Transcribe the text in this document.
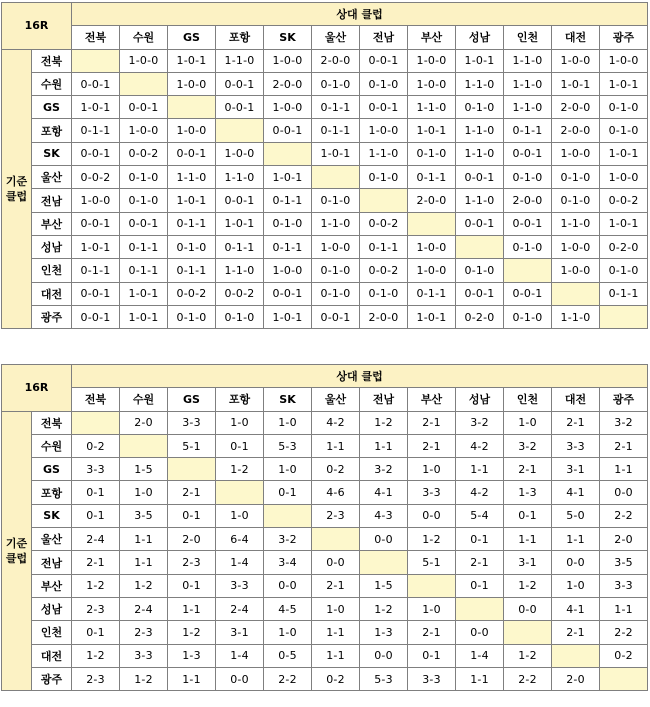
16R		상대 클럽											
		전북	수원	GS	포항	SK	울산	전남	부산	성남	인천	대전	광주
기준
클럽	전북		1-0-0	1-0-1	1-1-0	1-0-0	2-0-0	0-0-1	1-0-0	1-0-1	1-1-0	1-0-0	1-0-0
	수원	0-0-1		1-0-0	0-0-1	2-0-0	0-1-0	0-1-0	1-0-0	1-1-0	1-1-0	1-0-1	1-0-1
	GS	1-0-1	0-0-1		0-0-1	1-0-0	0-1-1	0-0-1	1-1-0	0-1-0	1-1-0	2-0-0	0-1-0
	포항	0-1-1	1-0-0	1-0-0		0-0-1	0-1-1	1-0-0	1-0-1	1-1-0	0-1-1	2-0-0	0-1-0
	SK	0-0-1	0-0-2	0-0-1	1-0-0		1-0-1	1-1-0	0-1-0	1-1-0	0-0-1	1-0-0	1-0-1
	울산	0-0-2	0-1-0	1-1-0	1-1-0	1-0-1		0-1-0	0-1-1	0-0-1	0-1-0	0-1-0	1-0-0
	전남	1-0-0	0-1-0	1-0-1	0-0-1	0-1-1	0-1-0		2-0-0	1-1-0	2-0-0	0-1-0	0-0-2
	부산	0-0-1	0-0-1	0-1-1	1-0-1	0-1-0	1-1-0	0-0-2		0-0-1	0-0-1	1-1-0	1-0-1
	성남	1-0-1	0-1-1	0-1-0	0-1-1	0-1-1	1-0-0	0-1-1	1-0-0		0-1-0	1-0-0	0-2-0
	인천	0-1-1	0-1-1	0-1-1	1-1-0	1-0-0	0-1-0	0-0-2	1-0-0	0-1-0		1-0-0	0-1-0
	대전	0-0-1	1-0-1	0-0-2	0-0-2	0-0-1	0-1-0	0-1-0	0-1-1	0-0-1	0-0-1		0-1-1
	광주	0-0-1	1-0-1	0-1-0	0-1-0	1-0-1	0-0-1	2-0-0	1-0-1	0-2-0	0-1-0	1-1-0	
16R		상대 클럽											
		전북	수원	GS	포항	SK	울산	전남	부산	성남	인천	대전	광주
기준
클럽	전북		2-0	3-3	1-0	1-0	4-2	1-2	2-1	3-2	1-0	2-1	3-2
	수원	0-2		5-1	0-1	5-3	1-1	1-1	2-1	4-2	3-2	3-3	2-1
	GS	3-3	1-5		1-2	1-0	0-2	3-2	1-0	1-1	2-1	3-1	1-1
	포항	0-1	1-0	2-1		0-1	4-6	4-1	3-3	4-2	1-3	4-1	0-0
	SK	0-1	3-5	0-1	1-0		2-3	4-3	0-0	5-4	0-1	5-0	2-2
	울산	2-4	1-1	2-0	6-4	3-2		0-0	1-2	0-1	1-1	1-1	2-0
	전남	2-1	1-1	2-3	1-4	3-4	0-0		5-1	2-1	3-1	0-0	3-5
	부산	1-2	1-2	0-1	3-3	0-0	2-1	1-5		0-1	1-2	1-0	3-3
	성남	2-3	2-4	1-1	2-4	4-5	1-0	1-2	1-0		0-0	4-1	1-1
	인천	0-1	2-3	1-2	3-1	1-0	1-1	1-3	2-1	0-0		2-1	2-2
	대전	1-2	3-3	1-3	1-4	0-5	1-1	0-0	0-1	1-4	1-2		0-2
	광주	2-3	1-2	1-1	0-0	2-2	0-2	5-3	3-3	1-1	2-2	2-0	
